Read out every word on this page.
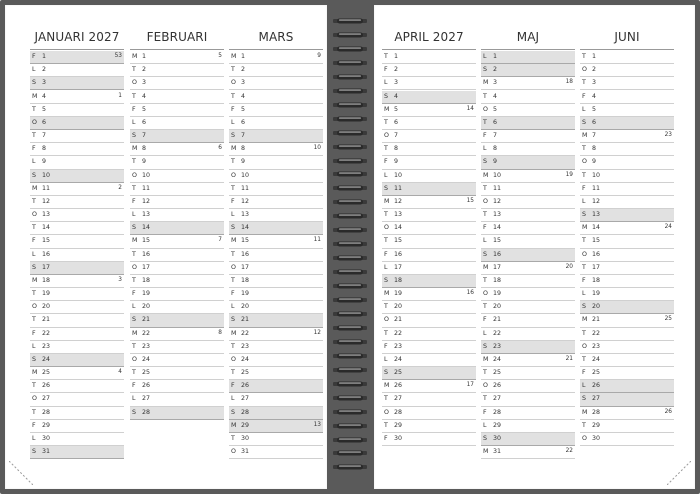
JANUARI 2027
F 1	53
L 2
S 3
M 4	1
T 5
O 6
T 7
F 8
L 9
S 10
M 11	2
T 12
O 13
T 14
F 15
L 16
S 17
M 18	3
T 19
O 20
T 21
F 22
L 23
S 24
M 25	4
T 26
O 27
T 28
F 29
L 30
S 31
FEBRUARI
M 1	5
T 2
O 3
T 4
F 5
L 6
S 7
M 8	6
T 9
O 10
T 11
F 12
L 13
S 14
M 15	7
T 16
O 17
T 18
F 19
L 20
S 21
M 22	8
T 23
O 24
T 25
F 26
L 27
S 28
MARS
M 1	9
T 2
O 3
T 4
F 5
L 6
S 7
M 8	10
T 9
O 10
T 11
F 12
L 13
S 14
M 15	11
T 16
O 17
T 18
F 19
L 20
S 21
M 22	12
T 23
O 24
T 25
F 26
L 27
S 28
M 29	13
T 30
O 31
APRIL 2027
T 1
F 2
L 3
S 4
M 5	14
T 6
O 7
T 8
F 9
L 10
S 11
M 12	15
T 13
O 14
T 15
F 16
L 17
S 18
M 19	16
T 20
O 21
T 22
F 23
L 24
S 25
M 26	17
T 27
O 28
T 29
F 30
MAJ
L 1
S 2
M 3	18
T 4
O 5
T 6
F 7
L 8
S 9
M 10	19
T 11
O 12
T 13
F 14
L 15
S 16
M 17	20
T 18
O 19
T 20
F 21
L 22
S 23
M 24	21
T 25
O 26
T 27
F 28
L 29
S 30
M 31	22
JUNI
T 1
O 2
T 3
F 4
L 5
S 6
M 7	23
T 8
O 9
T 10
F 11
L 12
S 13
M 14	24
T 15
O 16
T 17
F 18
L 19
S 20
M 21	25
T 22
O 23
T 24
F 25
L 26
S 27
M 28	26
T 29
O 30
